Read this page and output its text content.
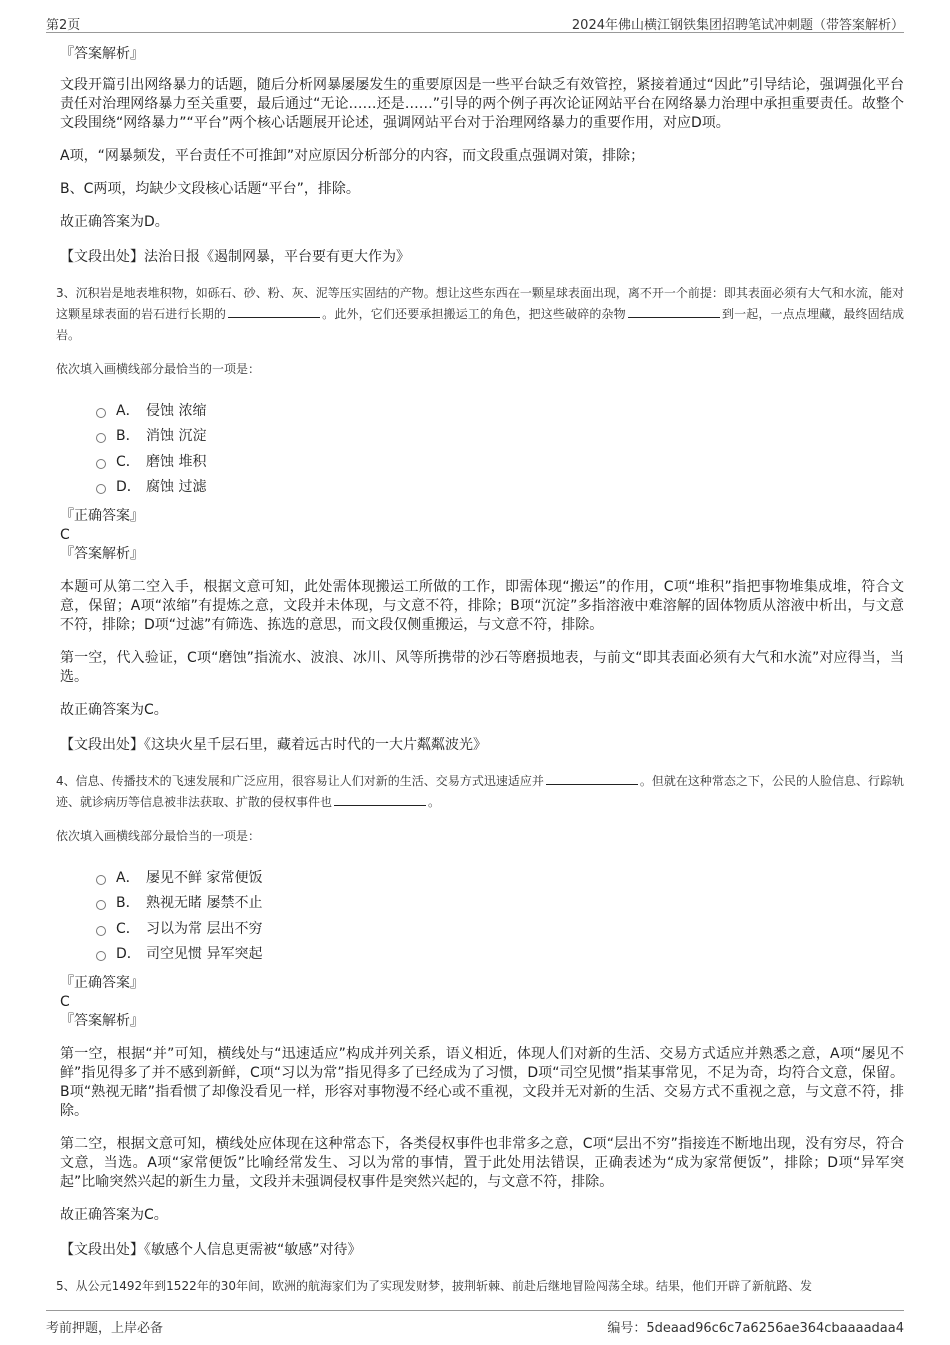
第2页	2024年佛山横江钢铁集团招聘笔试冲刺题（带答案解析）
『答案解析』
文段开篇引出网络暴力的话题，随后分析网暴屡屡发生的重要原因是一些平台缺乏有效管控，紧接着通过“因此”引导结论，强调强化平台责任对治理网络暴力至关重要，最后通过“无论……还是……”引导的两个例子再次论证网站平台在网络暴力治理中承担重要责任。故整个文段围绕“网络暴力”“平台”两个核心话题展开论述，强调网站平台对于治理网络暴力的重要作用，对应D项。
A项，“网暴频发，平台责任不可推卸”对应原因分析部分的内容，而文段重点强调对策，排除；
B、C两项，均缺少文段核心话题“平台”，排除。
故正确答案为D。
【文段出处】法治日报《遏制网暴，平台要有更大作为》
3、沉积岩是地表堆积物，如砾石、砂、粉、灰、泥等压实固结的产物。想让这些东西在一颗星球表面出现，离不开一个前提：即其表面必须有大气和水流，能对这颗星球表面的岩石进行长期的	。此外，它们还要承担搬运工的角色，把这些破碎的杂物	到一起，一点点埋藏，最终固结成岩。
依次填入画横线部分最恰当的一项是：
A． 侵蚀 浓缩
B． 消蚀 沉淀
C． 磨蚀 堆积
D． 腐蚀 过滤
『正确答案』
C
『答案解析』
本题可从第二空入手，根据文意可知，此处需体现搬运工所做的工作，即需体现“搬运”的作用，C项“堆积”指把事物堆集成堆，符合文意，保留；A项“浓缩”有提炼之意，文段并未体现，与文意不符，排除；B项“沉淀”多指溶液中难溶解的固体物质从溶液中析出，与文意不符，排除；D项“过滤”有筛选、拣选的意思，而文段仅侧重搬运，与文意不符，排除。
第一空，代入验证，C项“磨蚀”指流水、波浪、冰川、风等所携带的沙石等磨损地表，与前文“即其表面必须有大气和水流”对应得当，当选。
故正确答案为C。
【文段出处】《这块火星千层石里，藏着远古时代的一大片粼粼波光》
4、信息、传播技术的飞速发展和广泛应用，很容易让人们对新的生活、交易方式迅速适应并	。但就在这种常态之下，公民的人脸信息、行踪轨迹、就诊病历等信息被非法获取、扩散的侵权事件也	。
依次填入画横线部分最恰当的一项是：
A． 屡见不鲜 家常便饭
B． 熟视无睹 屡禁不止
C． 习以为常 层出不穷
D． 司空见惯 异军突起
『正确答案』
C
『答案解析』
第一空，根据“并”可知，横线处与“迅速适应”构成并列关系，语义相近，体现人们对新的生活、交易方式适应并熟悉之意，A项“屡见不鲜”指见得多了并不感到新鲜，C项“习以为常”指见得多了已经成为了习惯，D项“司空见惯”指某事常见，不足为奇，均符合文意，保留。B项“熟视无睹”指看惯了却像没看见一样，形容对事物漫不经心或不重视，文段并无对新的生活、交易方式不重视之意，与文意不符，排除。
第二空，根据文意可知，横线处应体现在这种常态下，各类侵权事件也非常多之意，C项“层出不穷”指接连不断地出现，没有穷尽，符合文意，当选。A项“家常便饭”比喻经常发生、习以为常的事情，置于此处用法错误，正确表述为“成为家常便饭”，排除；D项“异军突起”比喻突然兴起的新生力量，文段并未强调侵权事件是突然兴起的，与文意不符，排除。
故正确答案为C。
【文段出处】《敏感个人信息更需被“敏感”对待》
5、从公元1492年到1522年的30年间，欧洲的航海家们为了实现发财梦，披荆斩棘、前赴后继地冒险闯荡全球。结果，他们开辟了新航路、发
考前押题，上岸必备	编号：5deaad96c6c7a6256ae364cbaaaadaa4
